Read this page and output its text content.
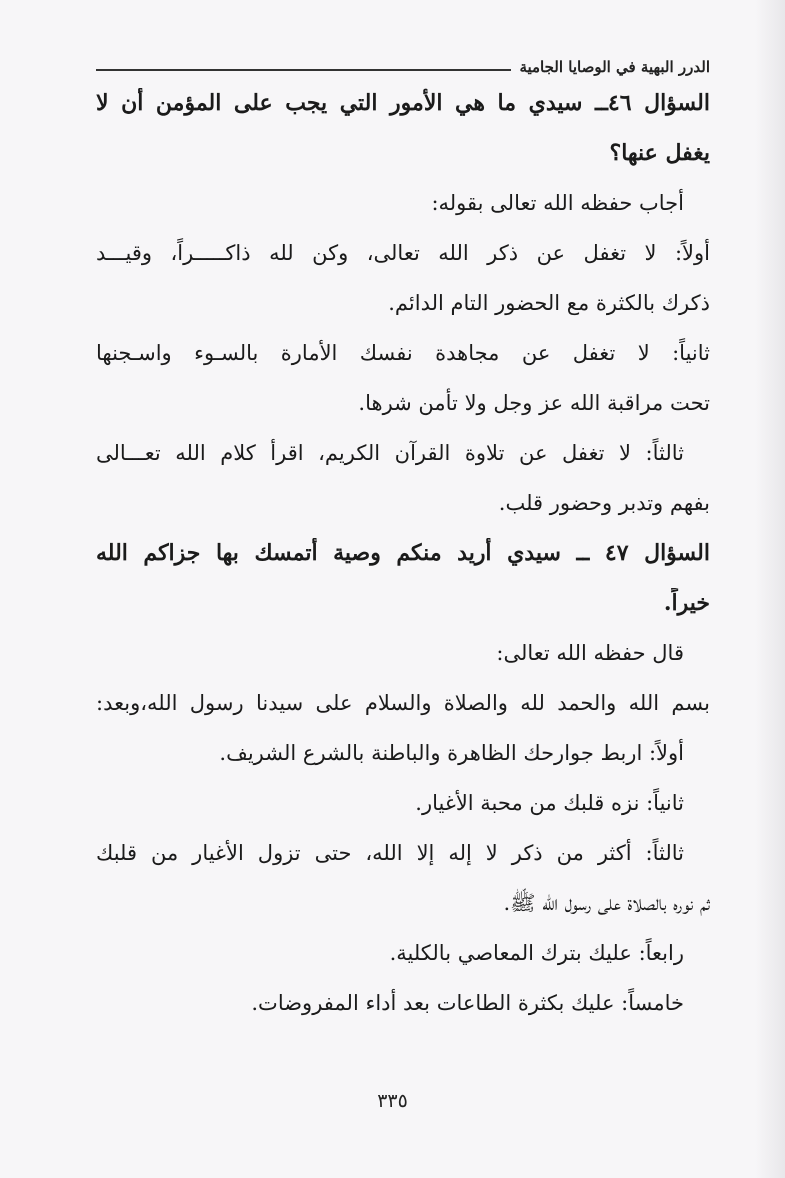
الدرر البهية في الوصايا الجامية
السؤال ٤٦ــ سيدي ما هي الأمور التي يجب على المؤمن أن لا
يغفل عنها؟
أجاب حفظه الله تعالى بقوله:
أولاً: لا تغفل عن ذكر الله تعالى، وكن لله ذاكـــــراً، وقيـــد
ذكرك بالكثرة مع الحضور التام الدائم.
ثانياً: لا تغفل عن مجاهدة نفسك الأمارة بالسـوء واسـجنها
تحت مراقبة الله عز وجل ولا تأمن شرها.
ثالثاً: لا تغفل عن تلاوة القرآن الكريم، اقرأ كلام الله تعـــالى
بفهم وتدبر وحضور قلب.
السؤال ٤٧ ــ سيدي أريد منكم وصية أتمسك بها جزاكم الله
خيراً.
قال حفظه الله تعالى:
بسم الله والحمد لله والصلاة والسلام على سيدنا رسول الله،وبعد:
أولاً: اربط جوارحك الظاهرة والباطنة بالشرع الشريف.
ثانياً: نزه قلبك من محبة الأغيار.
ثالثاً: أكثر من ذكر لا إله إلا الله، حتى تزول الأغيار من قلبك
ثم نوره بالصلاة على رسول الله ﷺ.
رابعاً: عليك بترك المعاصي بالكلية.
خامساً: عليك بكثرة الطاعات بعد أداء المفروضات.
٣٣٥
